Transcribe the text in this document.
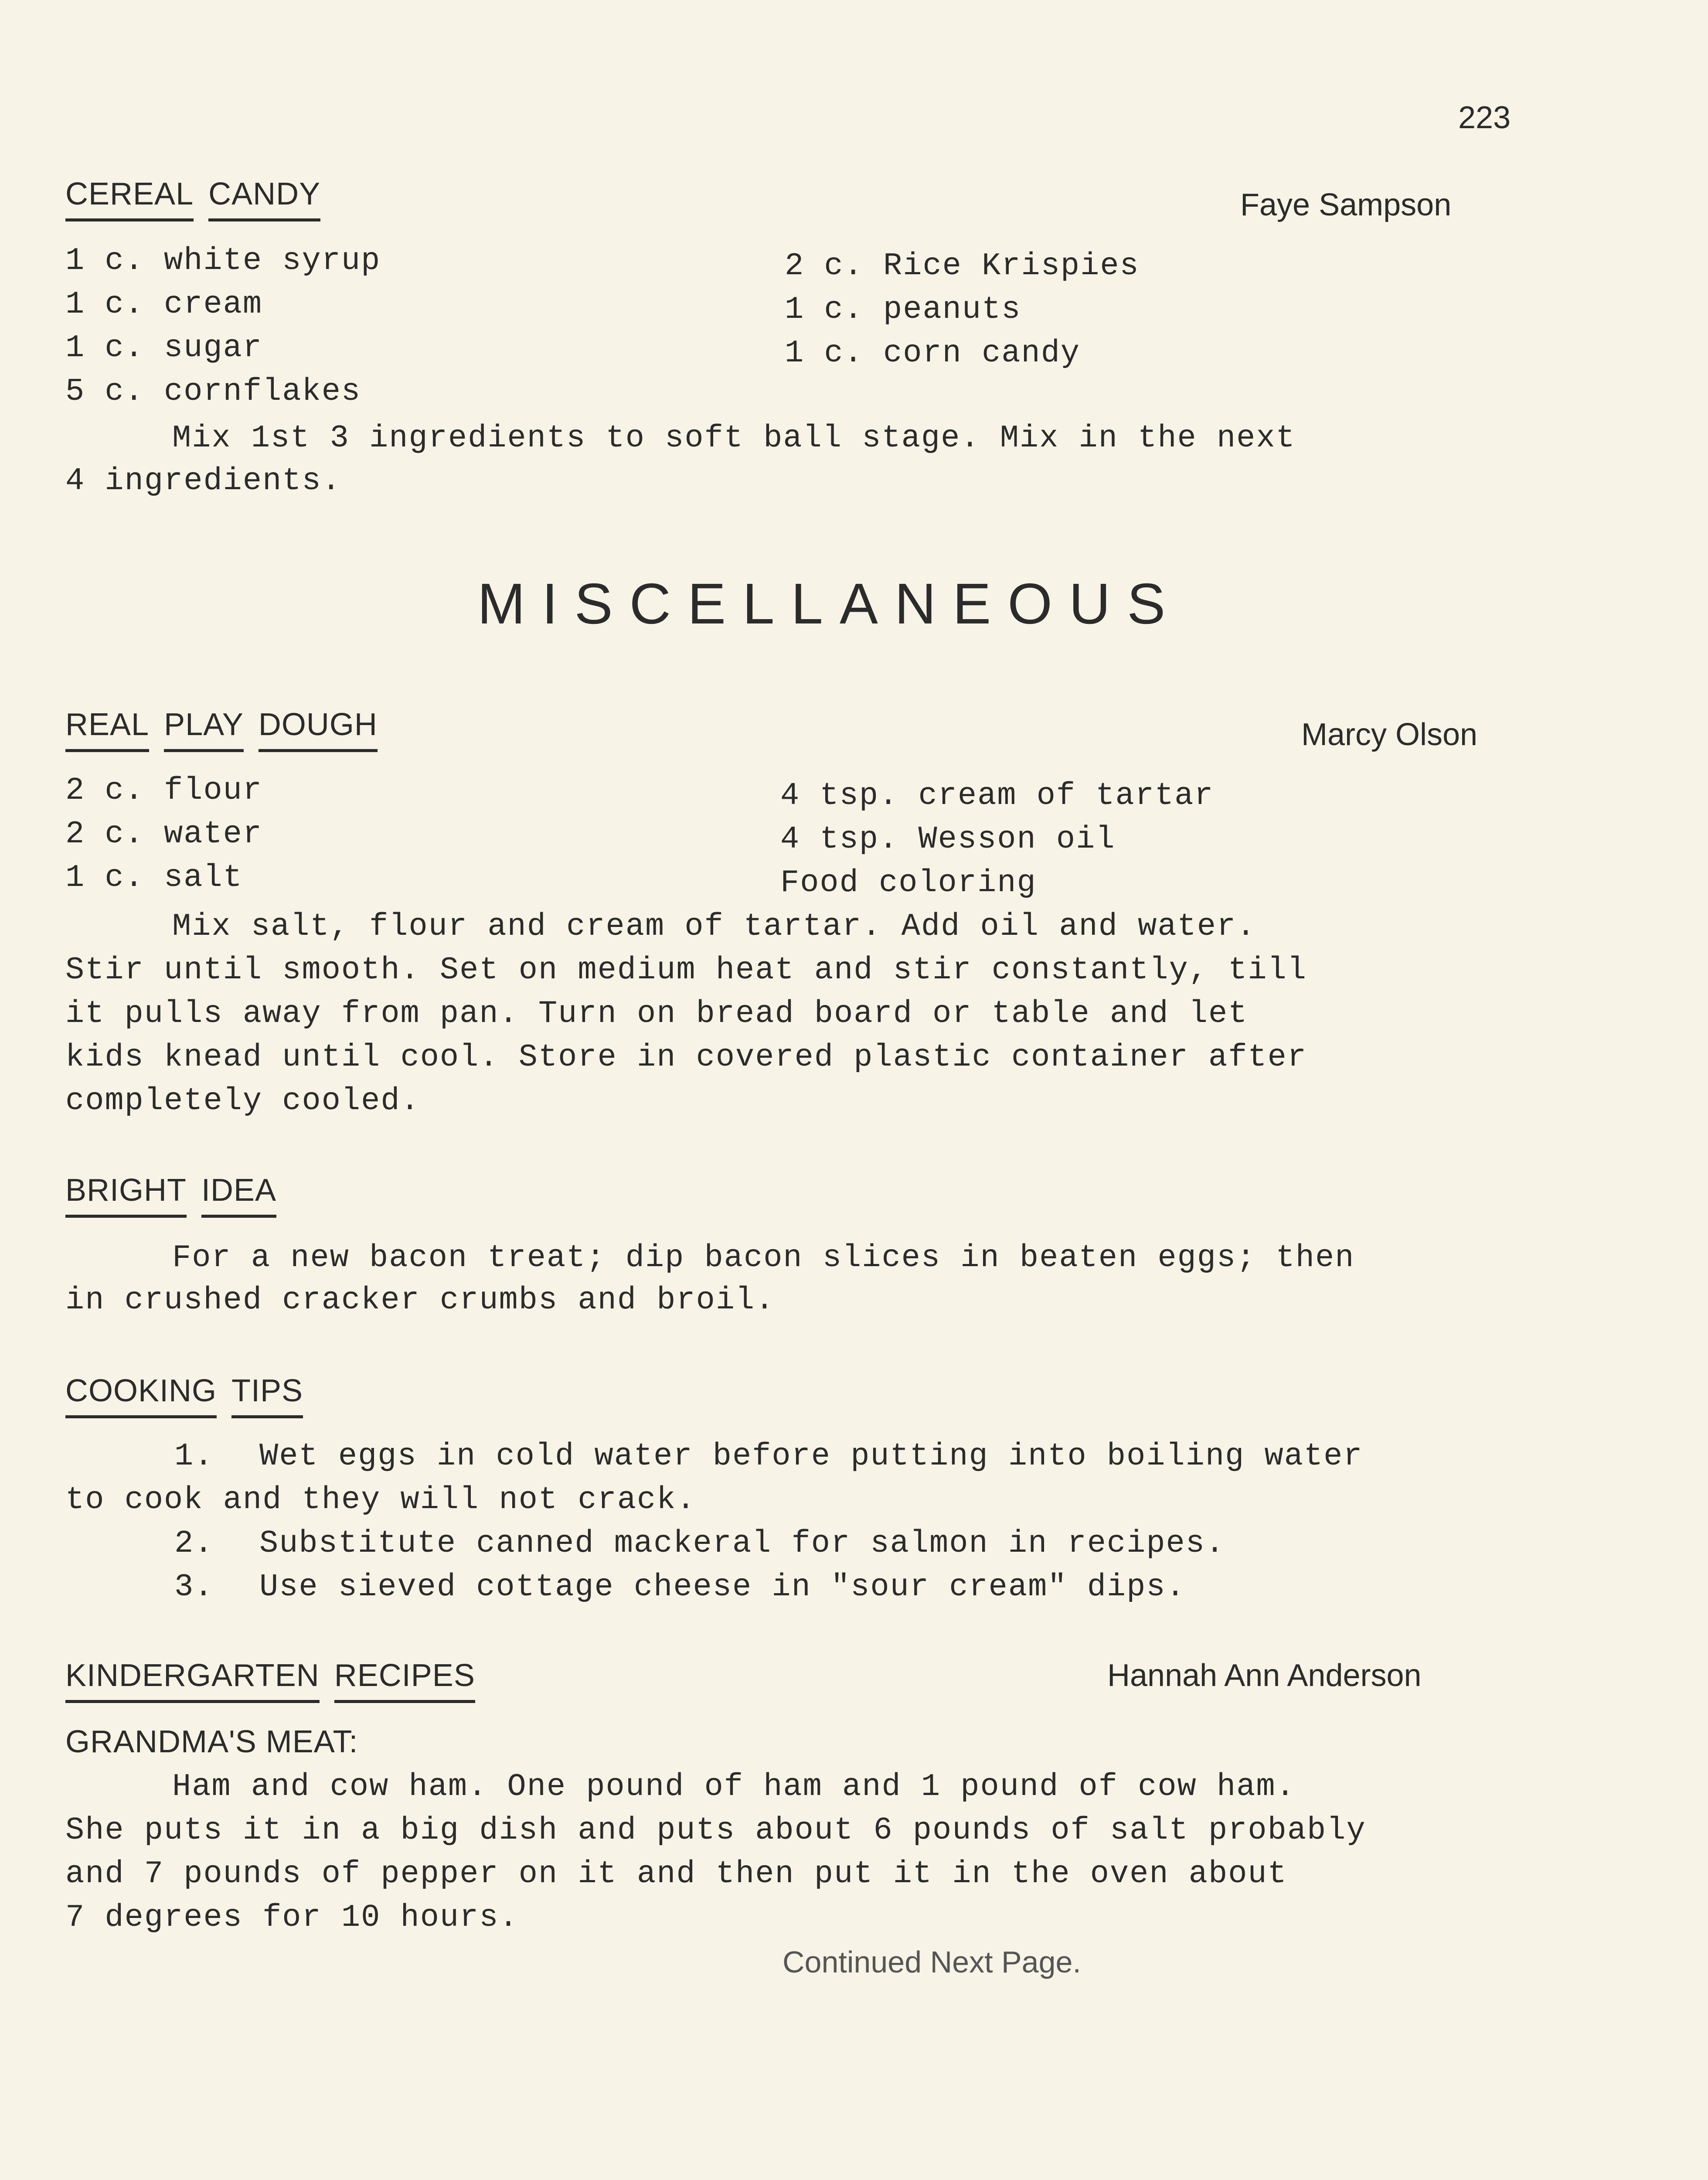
223
CEREAL CANDY	Faye Sampson
1 c. white syrup
1 c. cream
1 c. sugar
5 c. cornflakes
2 c. Rice Krispies
1 c. peanuts
1 c. corn candy
Mix 1st 3 ingredients to soft ball stage. Mix in the next
4 ingredients.
MISCELLANEOUS
REAL PLAY DOUGH	Marcy Olson
2 c. flour
2 c. water
1 c. salt
4 tsp. cream of tartar
4 tsp. Wesson oil
Food coloring
Mix salt, flour and cream of tartar. Add oil and water.
Stir until smooth. Set on medium heat and stir constantly, till
it pulls away from pan. Turn on bread board or table and let
kids knead until cool. Store in covered plastic container after
completely cooled.
BRIGHT IDEA
For a new bacon treat; dip bacon slices in beaten eggs; then
in crushed cracker crumbs and broil.
COOKING TIPS
1. Wet eggs in cold water before putting into boiling water
to cook and they will not crack.
2. Substitute canned mackeral for salmon in recipes.
3. Use sieved cottage cheese in "sour cream" dips.
KINDERGARTEN RECIPES	Hannah Ann Anderson
GRANDMA'S MEAT:
Ham and cow ham. One pound of ham and 1 pound of cow ham.
She puts it in a big dish and puts about 6 pounds of salt probably
and 7 pounds of pepper on it and then put it in the oven about
7 degrees for 10 hours.
Continued Next Page.
